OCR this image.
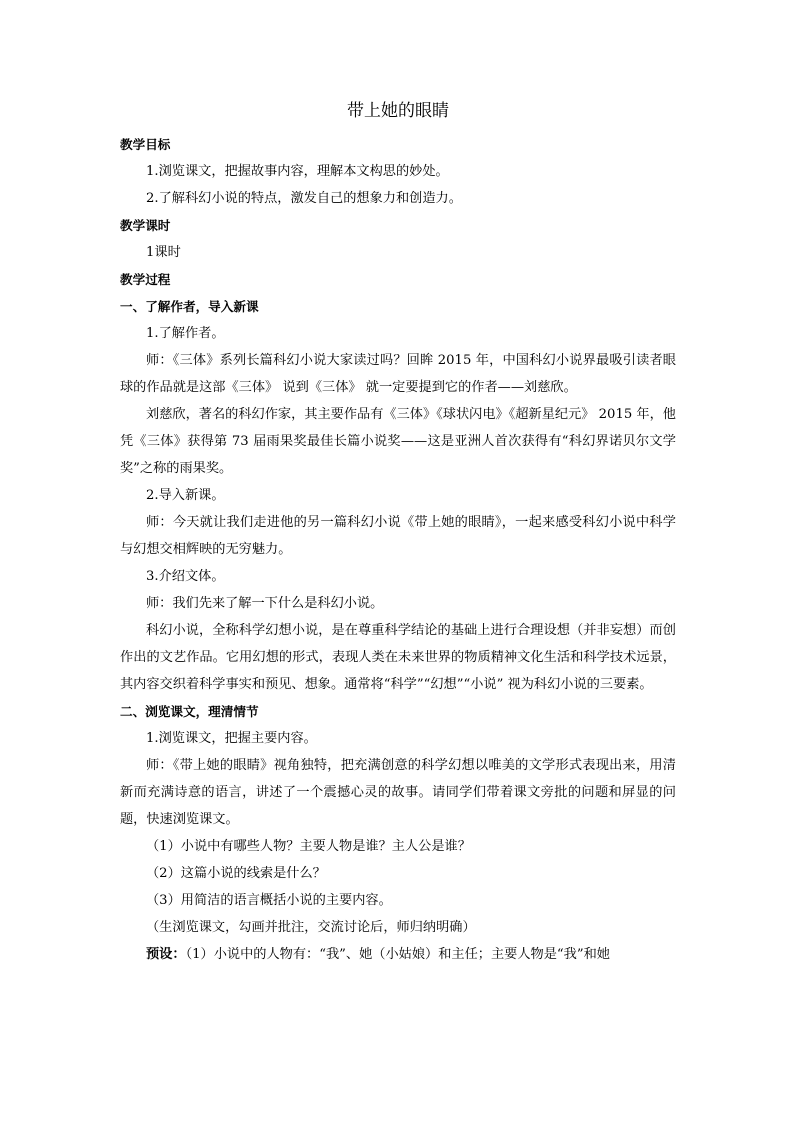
带上她的眼睛

教学目标

1.浏览课文，把握故事内容，理解本文构思的妙处。

2.了解科幻小说的特点，激发自己的想象力和创造力。

教学课时

1课时

教学过程

一、了解作者，导入新课

1.了解作者。

师：《三体》系列长篇科幻小说大家读过吗？回眸 2015 年，中国科幻小说界最吸引读者眼球的作品就是这部《三体》 说到《三体》 就一定要提到它的作者——刘慈欣。

刘慈欣，著名的科幻作家，其主要作品有《三体》《球状闪电》《超新星纪元》 2015 年，他凭《三体》获得第 73 届雨果奖最佳长篇小说奖——这是亚洲人首次获得有“科幻界诺贝尔文学奖”之称的雨果奖。

2.导入新课。

师：今天就让我们走进他的另一篇科幻小说《带上她的眼睛》，一起来感受科幻小说中科学与幻想交相辉映的无穷魅力。

3.介绍文体。

师：我们先来了解一下什么是科幻小说。

科幻小说，全称科学幻想小说，是在尊重科学结论的基础上进行合理设想（并非妄想）而创作出的文艺作品。它用幻想的形式，表现人类在未来世界的物质精神文化生活和科学技术远景，其内容交织着科学事实和预见、想象。通常将“科学”“幻想”“小说” 视为科幻小说的三要素。

二、浏览课文，理清情节

1.浏览课文，把握主要内容。

师：《带上她的眼睛》视角独特，把充满创意的科学幻想以唯美的文学形式表现出来，用清新而充满诗意的语言，讲述了一个震撼心灵的故事。请同学们带着课文旁批的问题和屏显的问题，快速浏览课文。

（1）小说中有哪些人物？主要人物是谁？主人公是谁？

（2）这篇小说的线索是什么？

（3）用简洁的语言概括小说的主要内容。

（生浏览课文，勾画并批注，交流讨论后，师归纳明确）

预设：（1）小说中的人物有：“我”、她（小姑娘）和主任；主要人物是“我”和她
